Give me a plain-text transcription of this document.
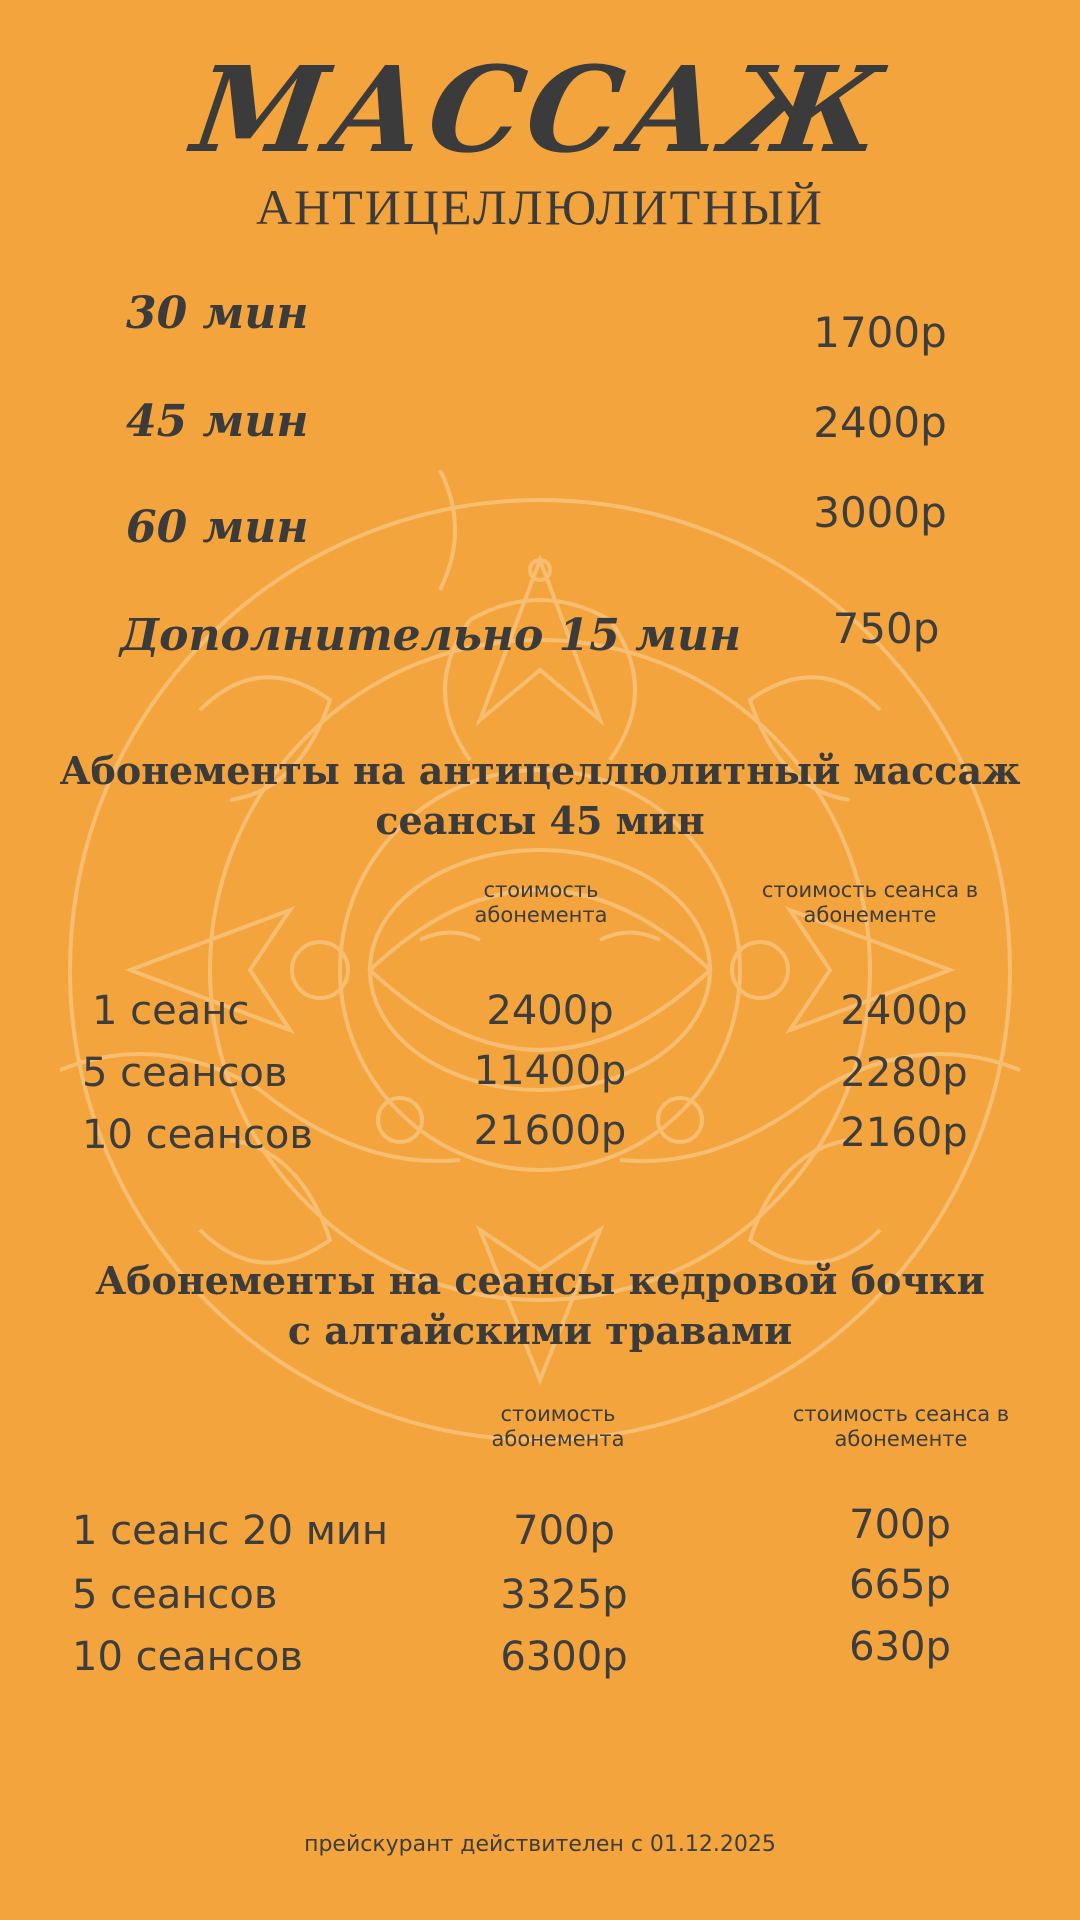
МАССАЖ
АНТИЦЕЛЛЮЛИТНЫЙ
30 мин	1700р
45 мин	2400р
60 мин	3000р
Дополнительно 15 мин	750р
Абонементы на антицеллюлитный массаж
сеансы 45 мин
стоимость абонемента
стоимость сеанса в абонементе
1 сеанс	2400р	2400р
5 сеансов	11400р	2280р
10 сеансов	21600р	2160р
Абонементы на сеансы кедровой бочки
с алтайскими травами
стоимость абонемента
стоимость сеанса в абонементе
1 сеанс 20 мин	700р	700р
5 сеансов	3325р	665р
10 сеансов	6300р	630р
прейскурант действителен с 01.12.2025
